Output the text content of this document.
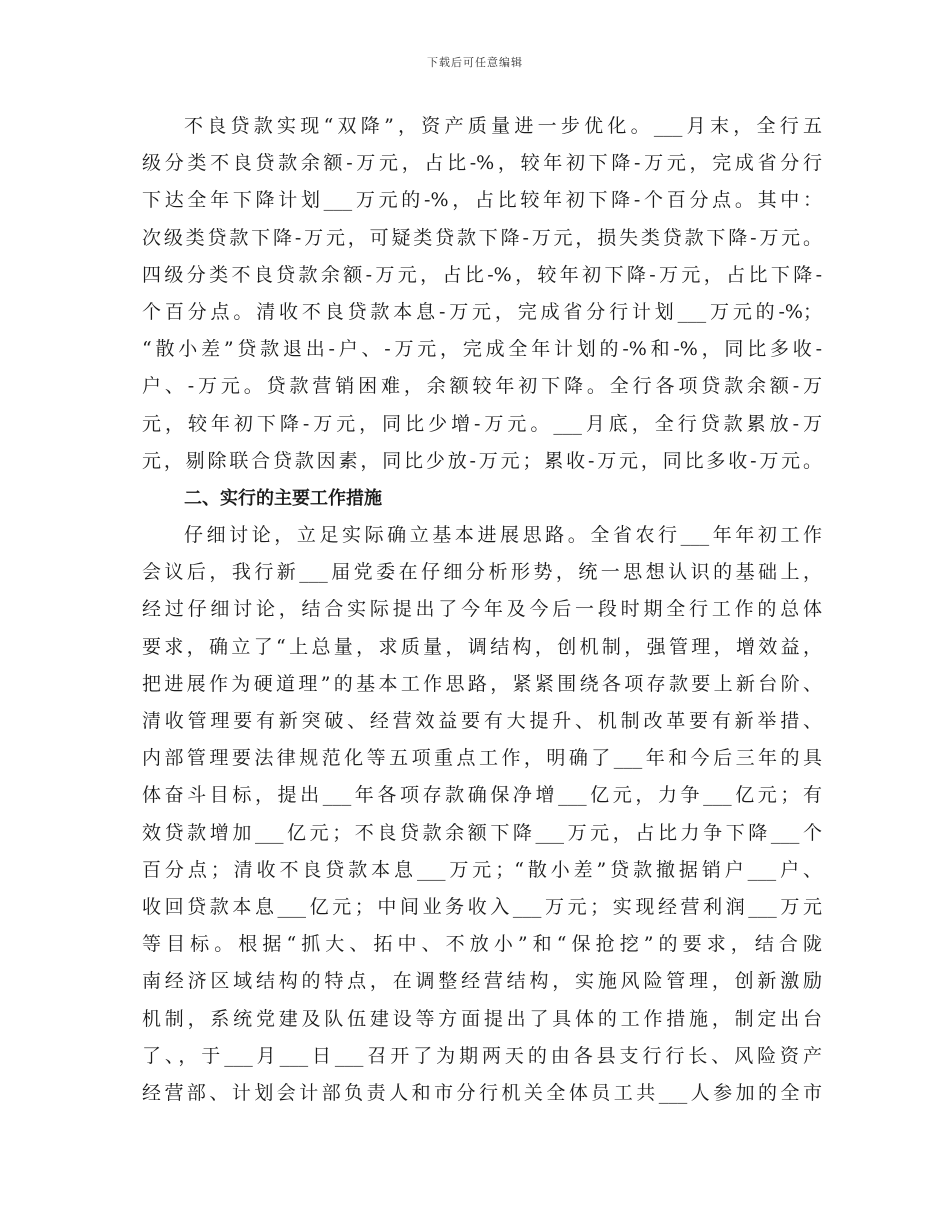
下载后可任意编辑
不良贷款实现“双降”，资产质量进一步优化。___月末，全行五
级分类不良贷款余额-万元，占比-%，较年初下降-万元，完成省分行
下达全年下降计划___万元的-%，占比较年初下降-个百分点。其中：
次级类贷款下降-万元，可疑类贷款下降-万元，损失类贷款下降-万元。
四级分类不良贷款余额-万元，占比-%，较年初下降-万元，占比下降-
个百分点。清收不良贷款本息-万元，完成省分行计划___万元的-%；
“散小差”贷款退出-户、-万元，完成全年计划的-%和-%，同比多收-
户、-万元。贷款营销困难，余额较年初下降。全行各项贷款余额-万
元，较年初下降-万元，同比少增-万元。___月底，全行贷款累放-万
元，剔除联合贷款因素，同比少放-万元；累收-万元，同比多收-万元。
二、实行的主要工作措施
仔细讨论，立足实际确立基本进展思路。全省农行___年年初工作
会议后，我行新___届党委在仔细分析形势，统一思想认识的基础上，
经过仔细讨论，结合实际提出了今年及今后一段时期全行工作的总体
要求，确立了“上总量，求质量，调结构，创机制，强管理，增效益，
把进展作为硬道理”的基本工作思路，紧紧围绕各项存款要上新台阶、
清收管理要有新突破、经营效益要有大提升、机制改革要有新举措、
内部管理要法律规范化等五项重点工作，明确了___年和今后三年的具
体奋斗目标，提出___年各项存款确保净增___亿元，力争___亿元；有
效贷款增加___亿元；不良贷款余额下降___万元，占比力争下降___个
百分点；清收不良贷款本息___万元；“散小差”贷款撤据销户___户、
收回贷款本息___亿元；中间业务收入___万元；实现经营利润___万元
等目标。根据“抓大、拓中、不放小”和“保抢挖”的要求，结合陇
南经济区域结构的特点，在调整经营结构，实施风险管理，创新激励
机制，系统党建及队伍建设等方面提出了具体的工作措施，制定出台
了、，于___月___日___召开了为期两天的由各县支行行长、风险资产
经营部、计划会计部负责人和市分行机关全体员工共___人参加的全市
